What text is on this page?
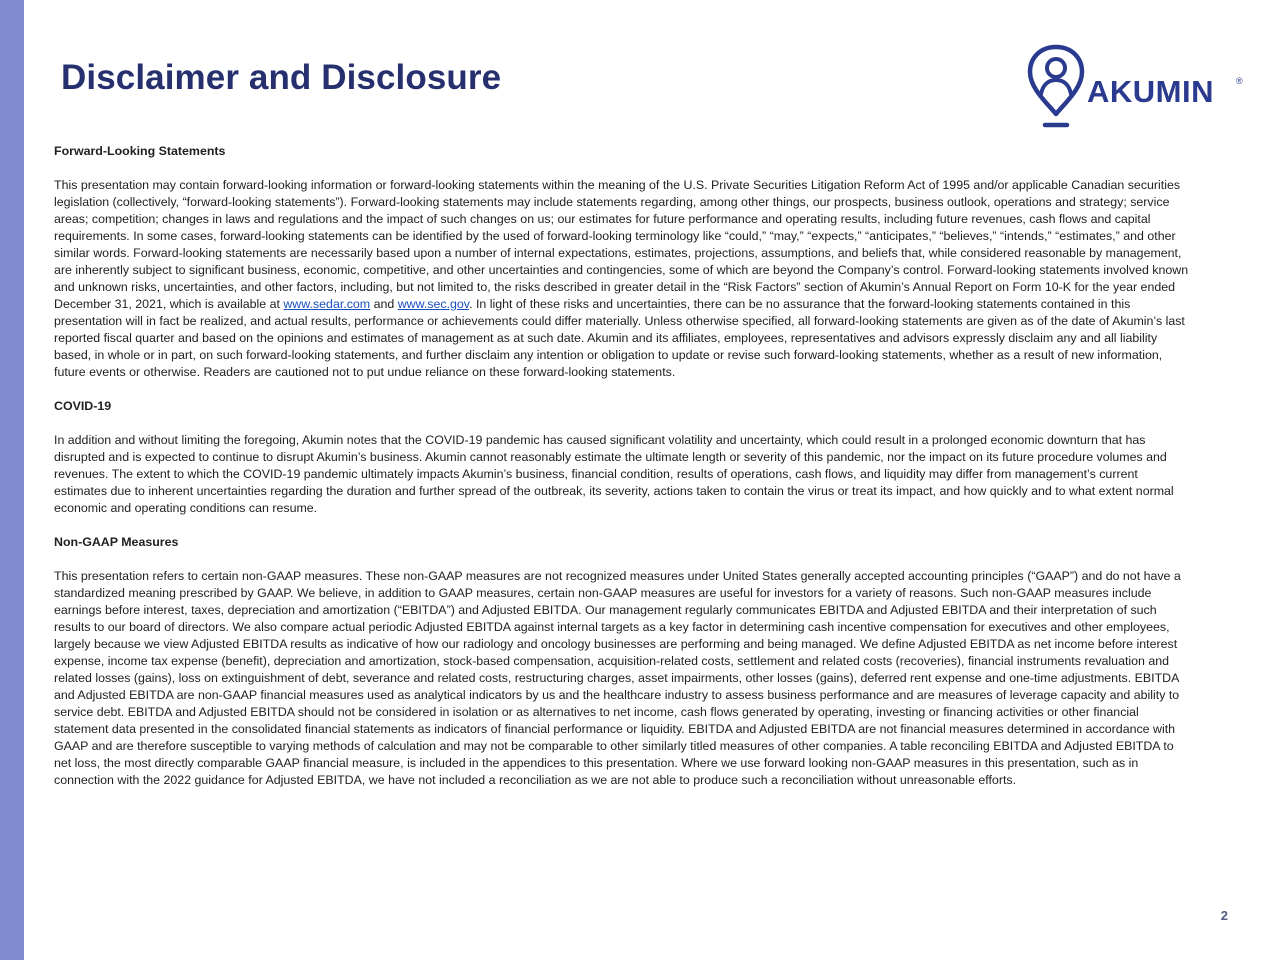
Disclaimer and Disclosure	AKUMIN ®
Forward-Looking Statements

This presentation may contain forward-looking information or forward-looking statements within the meaning of the U.S. Private Securities Litigation Reform Act of 1995 and/or applicable Canadian securities legislation (collectively, “forward-looking statements”). Forward-looking statements may include statements regarding, among other things, our prospects, business outlook, operations and strategy; service areas; competition; changes in laws and regulations and the impact of such changes on us; our estimates for future performance and operating results, including future revenues, cash flows and capital requirements. In some cases, forward-looking statements can be identified by the used of forward-looking terminology like “could,” “may,” “expects,” “anticipates,” “believes,” “intends,” “estimates,” and other similar words. Forward-looking statements are necessarily based upon a number of internal expectations, estimates, projections, assumptions, and beliefs that, while considered reasonable by management, are inherently subject to significant business, economic, competitive, and other uncertainties and contingencies, some of which are beyond the Company’s control. Forward-looking statements involved known and unknown risks, uncertainties, and other factors, including, but not limited to, the risks described in greater detail in the “Risk Factors” section of Akumin’s Annual Report on Form 10-K for the year ended December 31, 2021, which is available at www.sedar.com and www.sec.gov. In light of these risks and uncertainties, there can be no assurance that the forward-looking statements contained in this presentation will in fact be realized, and actual results, performance or achievements could differ materially. Unless otherwise specified, all forward-looking statements are given as of the date of Akumin’s last reported fiscal quarter and based on the opinions and estimates of management as at such date. Akumin and its affiliates, employees, representatives and advisors expressly disclaim any and all liability based, in whole or in part, on such forward-looking statements, and further disclaim any intention or obligation to update or revise such forward-looking statements, whether as a result of new information, future events or otherwise. Readers are cautioned not to put undue reliance on these forward-looking statements.

COVID-19

In addition and without limiting the foregoing, Akumin notes that the COVID-19 pandemic has caused significant volatility and uncertainty, which could result in a prolonged economic downturn that has disrupted and is expected to continue to disrupt Akumin’s business. Akumin cannot reasonably estimate the ultimate length or severity of this pandemic, nor the impact on its future procedure volumes and revenues. The extent to which the COVID-19 pandemic ultimately impacts Akumin’s business, financial condition, results of operations, cash flows, and liquidity may differ from management’s current estimates due to inherent uncertainties regarding the duration and further spread of the outbreak, its severity, actions taken to contain the virus or treat its impact, and how quickly and to what extent normal economic and operating conditions can resume.

Non-GAAP Measures

This presentation refers to certain non-GAAP measures. These non-GAAP measures are not recognized measures under United States generally accepted accounting principles (“GAAP”) and do not have a standardized meaning prescribed by GAAP. We believe, in addition to GAAP measures, certain non-GAAP measures are useful for investors for a variety of reasons. Such non-GAAP measures include earnings before interest, taxes, depreciation and amortization (“EBITDA”) and Adjusted EBITDA. Our management regularly communicates EBITDA and Adjusted EBITDA and their interpretation of such results to our board of directors. We also compare actual periodic Adjusted EBITDA against internal targets as a key factor in determining cash incentive compensation for executives and other employees, largely because we view Adjusted EBITDA results as indicative of how our radiology and oncology businesses are performing and being managed. We define Adjusted EBITDA as net income before interest expense, income tax expense (benefit), depreciation and amortization, stock-based compensation, acquisition-related costs, settlement and related costs (recoveries), financial instruments revaluation and related losses (gains), loss on extinguishment of debt, severance and related costs, restructuring charges, asset impairments, other losses (gains), deferred rent expense and one-time adjustments. EBITDA and Adjusted EBITDA are non-GAAP financial measures used as analytical indicators by us and the healthcare industry to assess business performance and are measures of leverage capacity and ability to service debt. EBITDA and Adjusted EBITDA should not be considered in isolation or as alternatives to net income, cash flows generated by operating, investing or financing activities or other financial statement data presented in the consolidated financial statements as indicators of financial performance or liquidity. EBITDA and Adjusted EBITDA are not financial measures determined in accordance with GAAP and are therefore susceptible to varying methods of calculation and may not be comparable to other similarly titled measures of other companies. A table reconciling EBITDA and Adjusted EBITDA to net loss, the most directly comparable GAAP financial measure, is included in the appendices to this presentation. Where we use forward looking non-GAAP measures in this presentation, such as in connection with the 2022 guidance for Adjusted EBITDA, we have not included a reconciliation as we are not able to produce such a reconciliation without unreasonable efforts.

2
